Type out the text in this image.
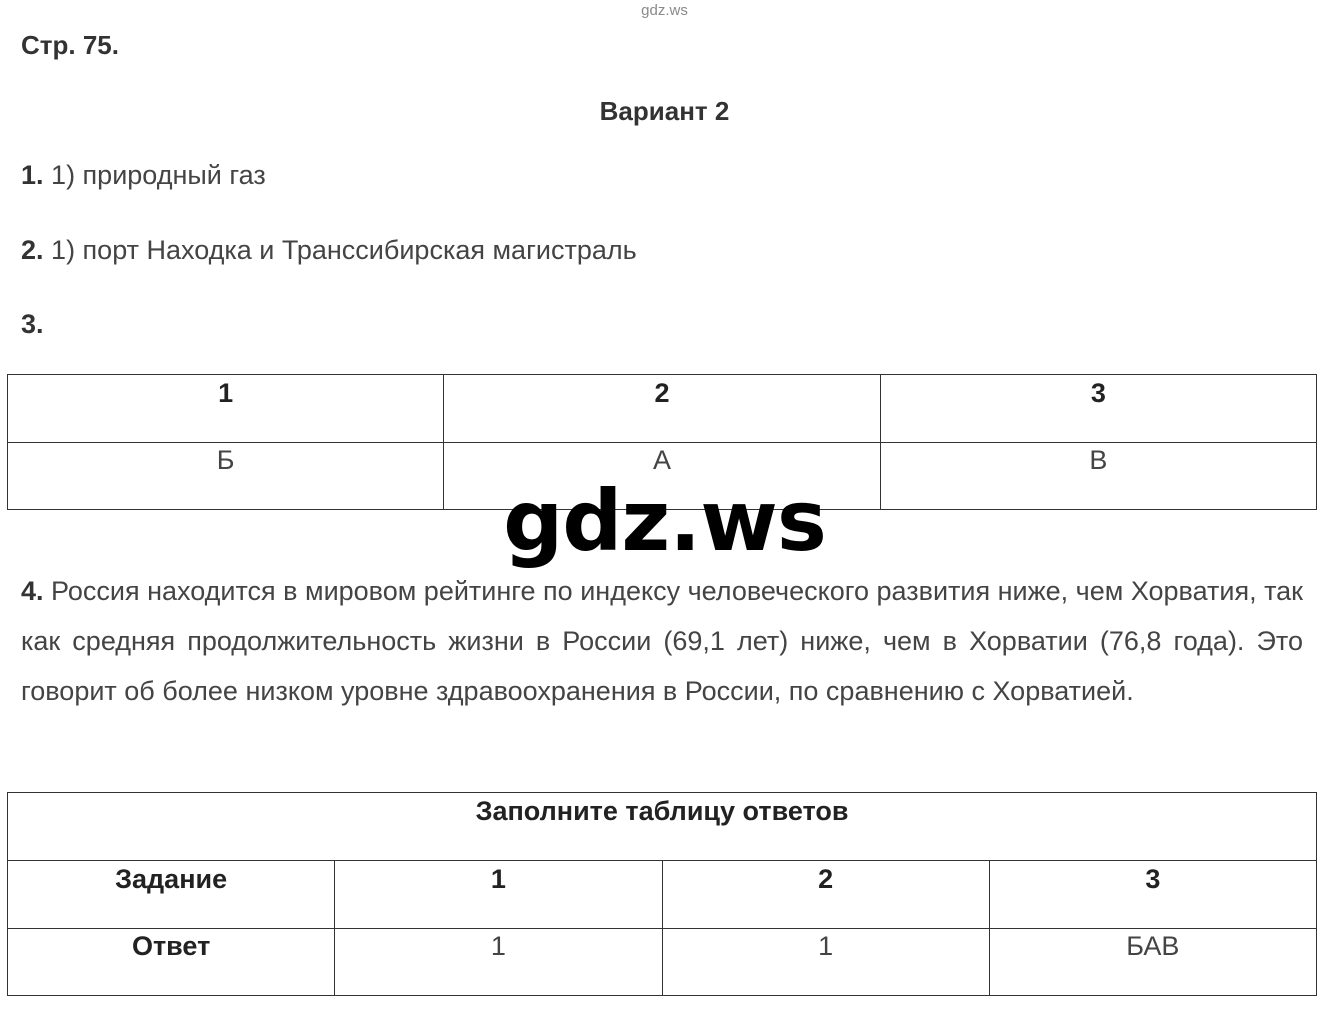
gdz.ws
Стр. 75.
Вариант 2
1. 1) природный газ
2. 1) порт Находка и Транссибирская магистраль
3.
1	2	3
Б	А	В
4. Россия находится в мировом рейтинге по индексу человеческого развития ниже, чем Хорватия, так как средняя продолжительность жизни в России (69,1 лет) ниже, чем в Хорватии (76,8 года). Это говорит об более низком уровне здравоохранения в России, по сравнению с Хорватией.
gdz.ws
Заполните таблицу ответов			
Задание	1	2	3
Ответ	1	1	БАВ
